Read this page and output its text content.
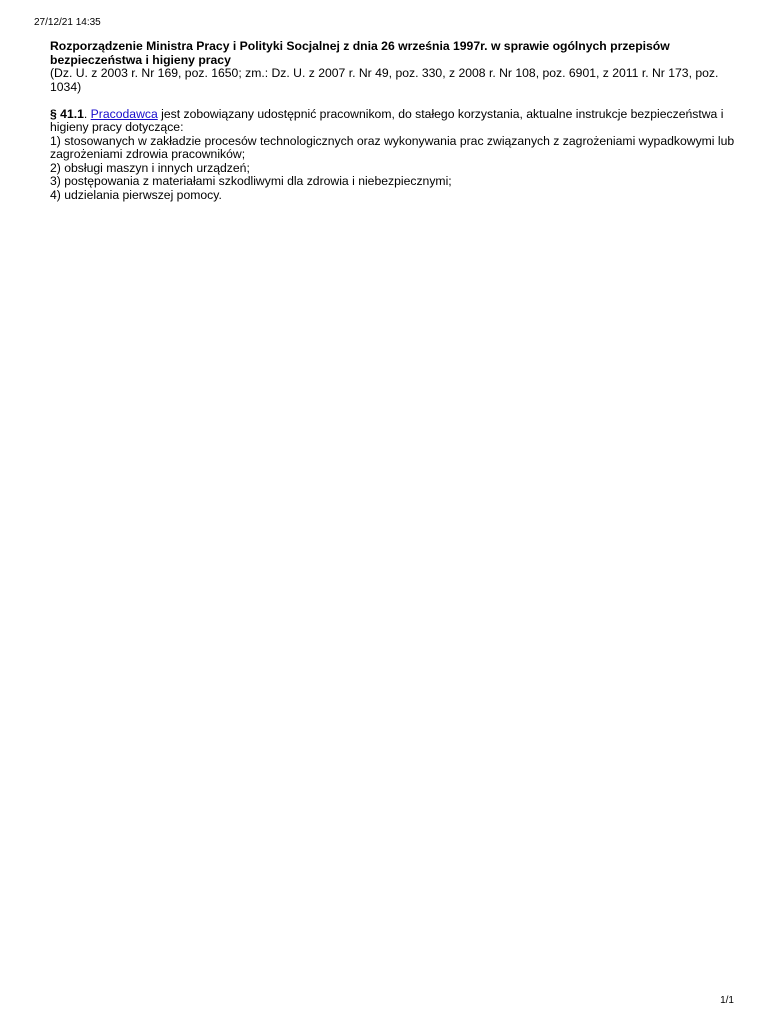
27/12/21 14:35

Rozporządzenie Ministra Pracy i Polityki Socjalnej z dnia 26 września 1997r. w sprawie ogólnych przepisów bezpieczeństwa i higieny pracy

(Dz. U. z 2003 r. Nr 169, poz. 1650; zm.: Dz. U. z 2007 r. Nr 49, poz. 330, z 2008 r. Nr 108, poz. 6901, z 2011 r. Nr 173, poz. 1034)

§ 41.1. Pracodawca jest zobowiązany udostępnić pracownikom, do stałego korzystania, aktualne instrukcje bezpieczeństwa i higieny pracy dotyczące:
1) stosowanych w zakładzie procesów technologicznych oraz wykonywania prac związanych z zagrożeniami wypadkowymi lub zagrożeniami zdrowia pracowników;
2) obsługi maszyn i innych urządzeń;
3) postępowania z materiałami szkodliwymi dla zdrowia i niebezpiecznymi;
4) udzielania pierwszej pomocy.

1/1
